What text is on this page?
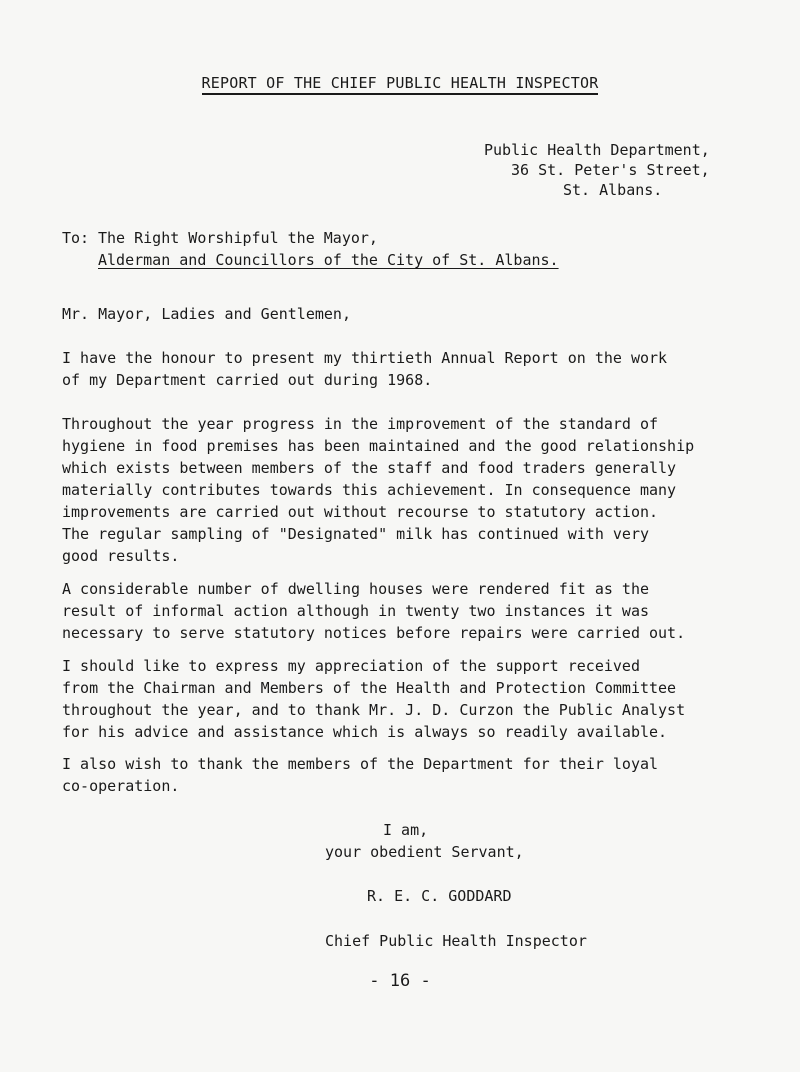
REPORT OF THE CHIEF PUBLIC HEALTH INSPECTOR
Public Health Department,
36 St. Peter's Street,
St. Albans.
To: The Right Worshipful the Mayor,
Alderman and Councillors of the City of St. Albans.

Mr. Mayor, Ladies and Gentlemen,

I have the honour to present my thirtieth Annual Report on the work
of my Department carried out during 1968.

Throughout the year progress in the improvement of the standard of
hygiene in food premises has been maintained and the good relationship
which exists between members of the staff and food traders generally
materially contributes towards this achievement. In consequence many
improvements are carried out without recourse to statutory action.

The regular sampling of "Designated" milk has continued with very
good results.

A considerable number of dwelling houses were rendered fit as the
result of informal action although in twenty two instances it was
necessary to serve statutory notices before repairs were carried out.

I should like to express my appreciation of the support received
from the Chairman and Members of the Health and Protection Committee
throughout the year, and to thank Mr. J. D. Curzon the Public Analyst
for his advice and assistance which is always so readily available.

I also wish to thank the members of the Department for their loyal
co-operation.

I am,
your obedient Servant,
R. E. C. GODDARD
Chief Public Health Inspector
- 16 -
